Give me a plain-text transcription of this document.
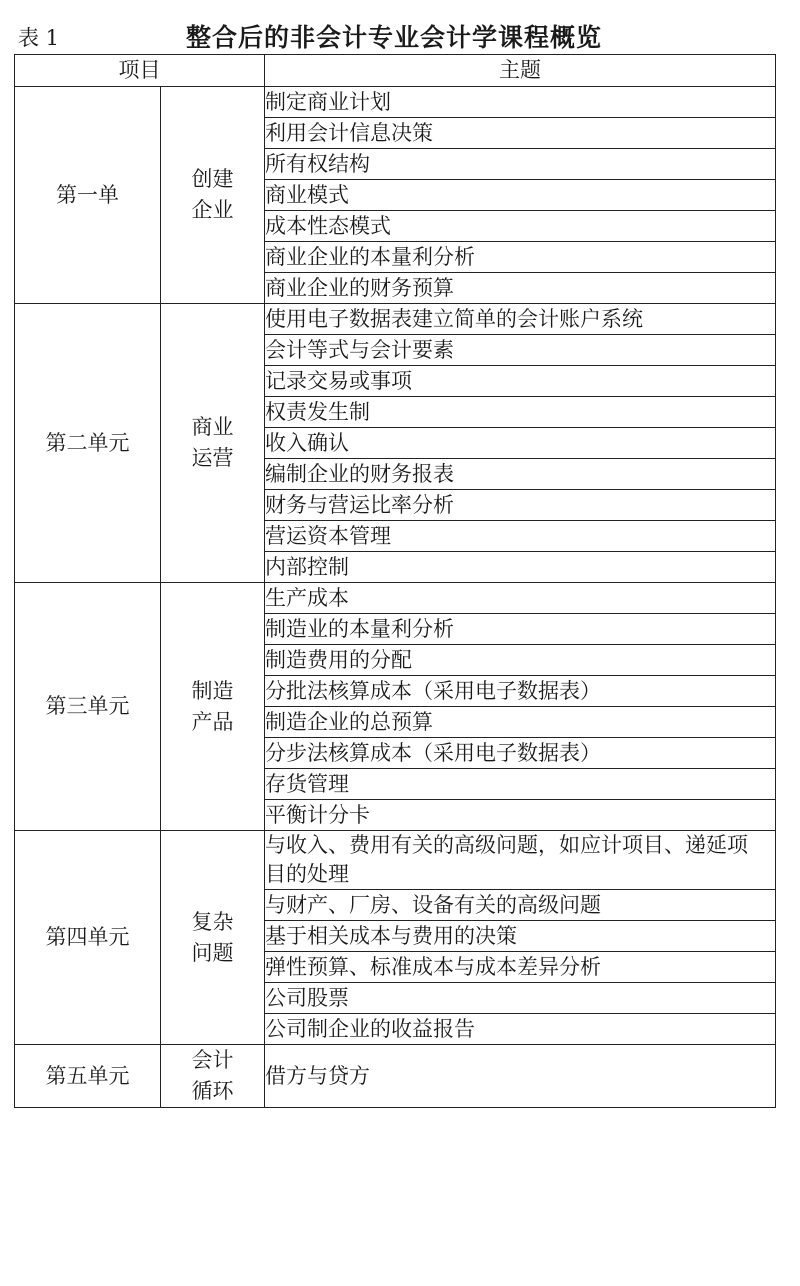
表 1	整合后的非会计专业会计学课程概览
项目		主题
第一单	创建企业	制定商业计划
		利用会计信息决策
		所有权结构
		商业模式
		成本性态模式
		商业企业的本量利分析
		商业企业的财务预算
第二单元	商业运营	使用电子数据表建立简单的会计账户系统
		会计等式与会计要素
		记录交易或事项
		权责发生制
		收入确认
		编制企业的财务报表
		财务与营运比率分析
		营运资本管理
		内部控制
第三单元	制造产品	生产成本
		制造业的本量利分析
		制造费用的分配
		分批法核算成本（采用电子数据表）
		制造企业的总预算
		分步法核算成本（采用电子数据表）
		存货管理
		平衡计分卡
第四单元	复杂问题	与收入、费用有关的高级问题，如应计项目、递延项目的处理
		与财产、厂房、设备有关的高级问题
		基于相关成本与费用的决策
		弹性预算、标准成本与成本差异分析
		公司股票
		公司制企业的收益报告
第五单元	会计循环	借方与贷方
